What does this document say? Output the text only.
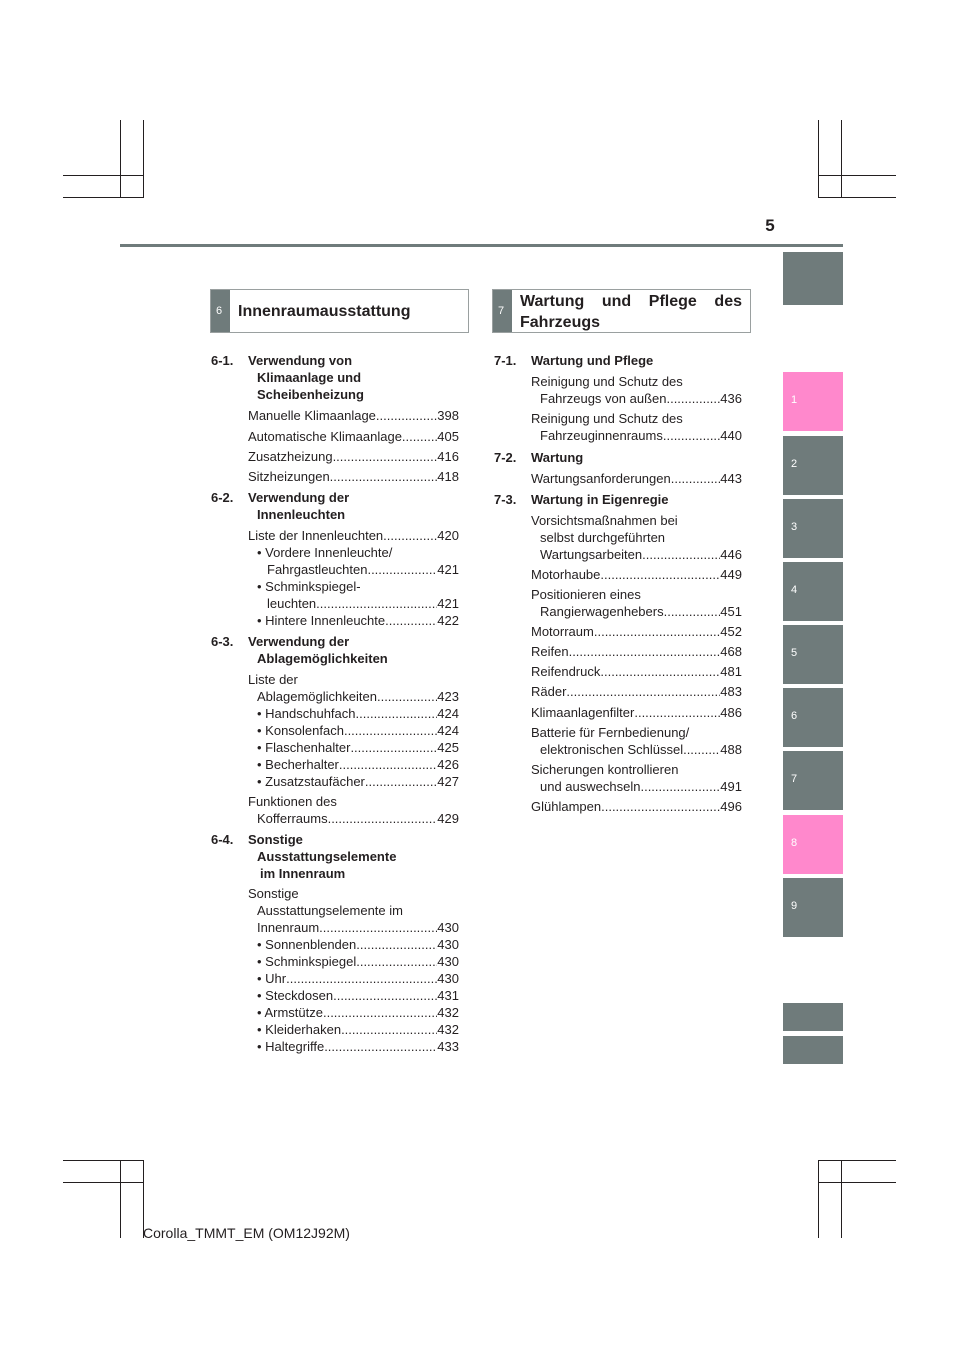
5
1
2
3
4
5
6
7
8
9
6 Innenraumausstattung	7
Wartung und Pflege des
Fahrzeugs
6-1. Verwendung von
Klimaanlage und
Scheibenheizung
Manuelle Klimaanlage .....	398
Automatische Klimaanlage .....	405
Zusatzheizung .....	416
Sitzheizungen .....	418
6-2. Verwendung der
Innenleuchten
Liste der Innenleuchten .....	420
• Vordere Innenleuchte/
Fahrgastleuchten .....	421
• Schminkspiegel-
leuchten .....	421
• Hintere Innenleuchte .....	422
6-3. Verwendung der
Ablagemöglichkeiten
Liste der
Ablagemöglichkeiten .....	423
• Handschuhfach .....	424
• Konsolenfach .....	424
• Flaschenhalter .....	425
• Becherhalter .....	426
• Zusatzstaufächer .....	427
Funktionen des
Kofferraums .....	429
6-4. Sonstige
Ausstattungselemente
im Innenraum
Sonstige
Ausstattungselemente im
Innenraum .....	430
• Sonnenblenden .....	430
• Schminkspiegel .....	430
• Uhr .....	430
• Steckdosen .....	431
• Armstütze .....	432
• Kleiderhaken .....	432
• Haltegriffe .....	433
7-1. Wartung und Pflege
Reinigung und Schutz des
Fahrzeugs von außen .....	436
Reinigung und Schutz des
Fahrzeuginnenraums .....	440
7-2. Wartung
Wartungsanforderungen .....	443
7-3. Wartung in Eigenregie
Vorsichtsmaßnahmen bei
selbst durchgeführten
Wartungsarbeiten .....	446
Motorhaube .....	449
Positionieren eines
Rangierwagenhebers .....	451
Motorraum .....	452
Reifen .....	468
Reifendruck .....	481
Räder .....	483
Klimaanlagenfilter .....	486
Batterie für Fernbedienung/
elektronischen Schlüssel .....	488
Sicherungen kontrollieren
und auswechseln .....	491
Glühlampen .....	496
Corolla_TMMT_EM (OM12J92M)
